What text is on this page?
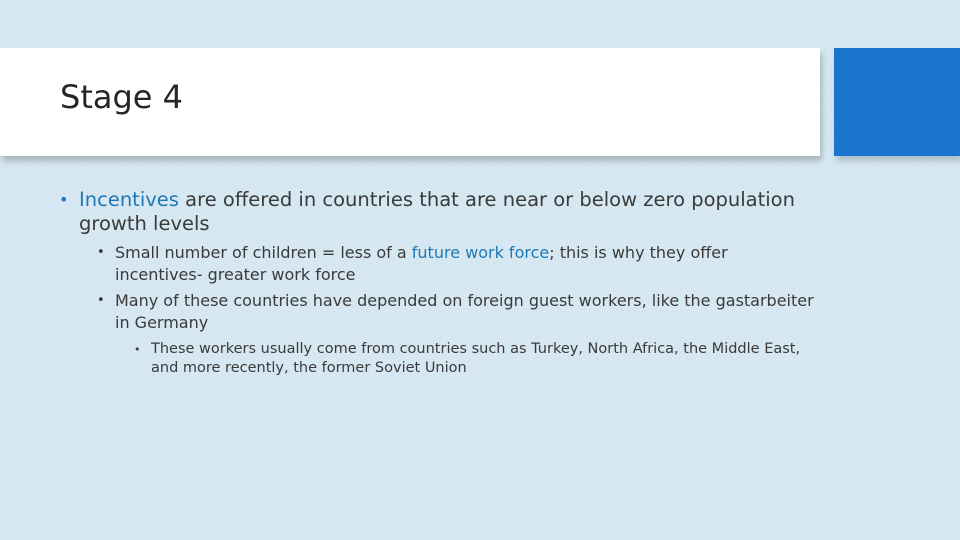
Stage 4

• Incentives are offered in countries that are near or below zero population growth levels

• Small number of children = less of a future work force; this is why they offer incentives- greater work force

• Many of these countries have depended on foreign guest workers, like the gastarbeiter in Germany

• These workers usually come from countries such as Turkey, North Africa, the Middle East, and more recently, the former Soviet Union
